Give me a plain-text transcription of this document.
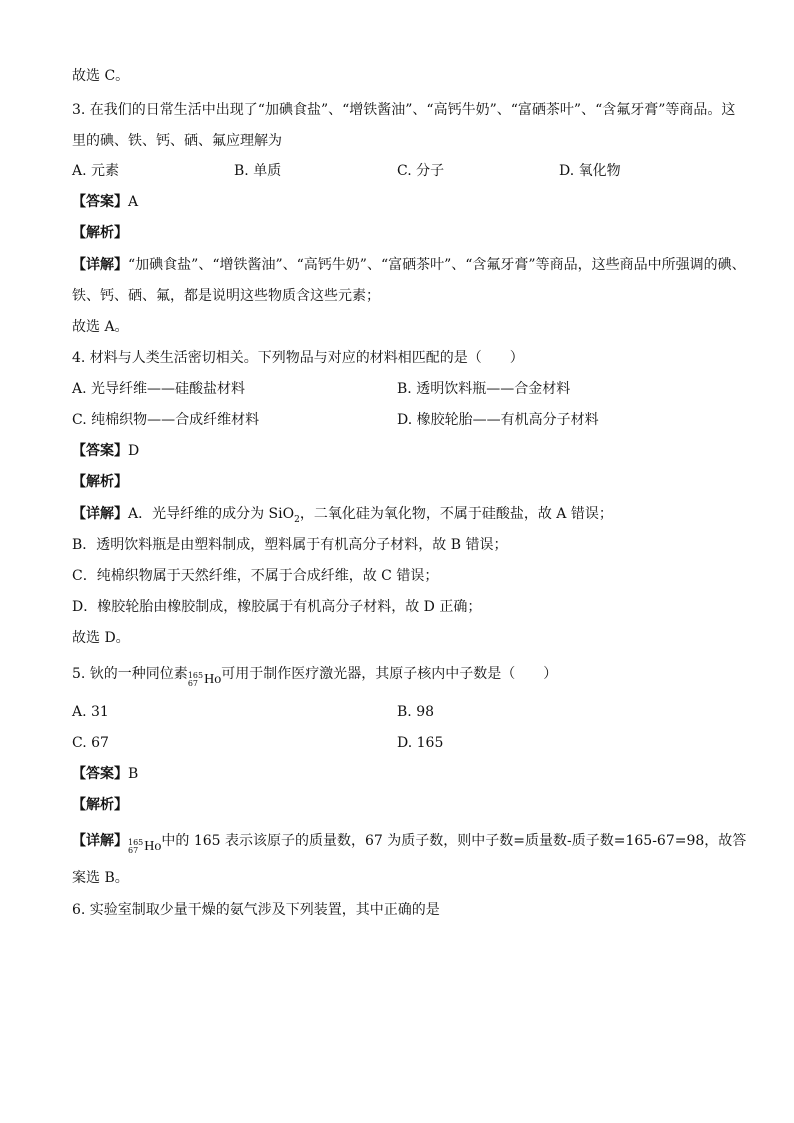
故选 C。
3. 在我们的日常生活中出现了“加碘食盐”、“增铁酱油”、“高钙牛奶”、“富硒茶叶”、“含氟牙膏”等商品。这
里的碘、铁、钙、硒、氟应理解为
A. 元素	B. 单质	C. 分子	D. 氧化物
【答案】A
【解析】
【详解】“加碘食盐”、“增铁酱油”、“高钙牛奶”、“富硒茶叶”、“含氟牙膏”等商品，这些商品中所强调的碘、
铁、钙、硒、氟，都是说明这些物质含这些元素；
故选 A。
4. 材料与人类生活密切相关。下列物品与对应的材料相匹配的是（　　）
A. 光导纤维——硅酸盐材料	B. 透明饮料瓶——合金材料
C. 纯棉织物——合成纤维材料	D. 橡胶轮胎——有机高分子材料
【答案】D
【解析】
【详解】A．光导纤维的成分为 SiO$_2$，二氧化硅为氧化物，不属于硅酸盐，故 A 错误；
B．透明饮料瓶是由塑料制成，塑料属于有机高分子材料，故 B 错误；
C．纯棉织物属于天然纤维，不属于合成纤维，故 C 错误；
D．橡胶轮胎由橡胶制成，橡胶属于有机高分子材料，故 D 正确；
故选 D。
5. 钬的一种同位素 165
67 Ho 可用于制作医疗激光器，其原子核内中子数是（　　）
A. 31	B. 98
C. 67	D. 165
【答案】B
【解析】
【详解】 165
67 Ho 中的 165 表示该原子的质量数，67 为质子数，则中子数=质量数-质子数=165-67=98，故答
案选 B。
6. 实验室制取少量干燥的氨气涉及下列装置，其中正确的是
